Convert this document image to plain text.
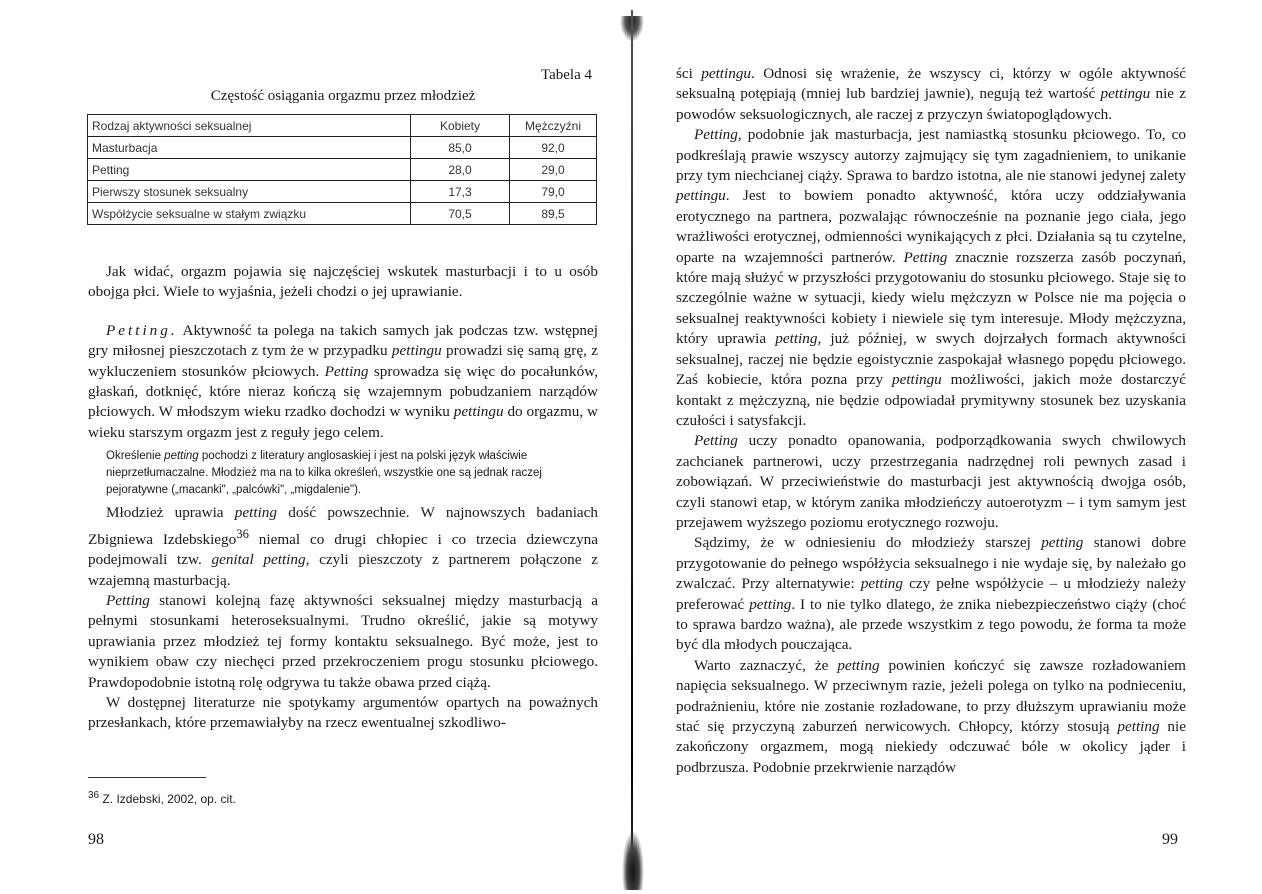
Tabela 4
Częstość osiągania orgazmu przez młodzież
Rodzaj aktywności seksualnej	Kobiety	Mężczyźni
Masturbacja	85,0	92,0
Petting	28,0	29,0
Pierwszy stosunek seksualny	17,3	79,0
Współżycie seksualne w stałym związku	70,5	89,5

Jak widać, orgazm pojawia się najczęściej wskutek masturbacji i to u osób obojga płci. Wiele to wyjaśnia, jeżeli chodzi o jej uprawianie.

Petting. Aktywność ta polega na takich samych jak podczas tzw. wstępnej gry miłosnej pieszczotach z tym że w przypadku pettingu prowadzi się samą grę, z wykluczeniem stosunków płciowych. Petting sprowadza się więc do pocałunków, głaskań, dotknięć, które nieraz kończą się wzajemnym pobudzaniem narządów płciowych. W młodszym wieku rzadko dochodzi w wyniku pettingu do orgazmu, w wieku starszym orgazm jest z reguły jego celem.

Określenie petting pochodzi z literatury anglosaskiej i jest na polski język właściwie nieprzetłumaczalne. Młodzież ma na to kilka określeń, wszystkie one są jednak raczej pejoratywne („macanki", „palcówki", „migdalenie").

Młodzież uprawia petting dość powszechnie. W najnowszych badaniach Zbigniewa Izdebskiego$^{36}$ niemal co drugi chłopiec i co trzecia dziewczyna podejmowali tzw. genital petting, czyli pieszczoty z partnerem połączone z wzajemną masturbacją.

Petting stanowi kolejną fazę aktywności seksualnej między masturbacją a pełnymi stosunkami heteroseksualnymi. Trudno określić, jakie są motywy uprawiania przez młodzież tej formy kontaktu seksualnego. Być może, jest to wynikiem obaw czy niechęci przed przekroczeniem progu stosunku płciowego. Prawdopodobnie istotną rolę odgrywa tu także obawa przed ciążą.

W dostępnej literaturze nie spotykamy argumentów opartych na poważnych przesłankach, które przemawiałyby na rzecz ewentualnej szkodliwo-

$^{36}$ Z. Izdebski, 2002, op. cit.
98

ści pettingu. Odnosi się wrażenie, że wszyscy ci, którzy w ogóle aktywność seksualną potępiają (mniej lub bardziej jawnie), negują też wartość pettingu nie z powodów seksuologicznych, ale raczej z przyczyn światopoglądowych.

Petting, podobnie jak masturbacja, jest namiastką stosunku płciowego. To, co podkreślają prawie wszyscy autorzy zajmujący się tym zagadnieniem, to unikanie przy tym niechcianej ciąży. Sprawa to bardzo istotna, ale nie stanowi jedynej zalety pettingu. Jest to bowiem ponadto aktywność, która uczy oddziaływania erotycznego na partnera, pozwalając równocześnie na poznanie jego ciała, jego wrażliwości erotycznej, odmienności wynikających z płci. Działania są tu czytelne, oparte na wzajemności partnerów. Petting znacznie rozszerza zasób poczynań, które mają służyć w przyszłości przygotowaniu do stosunku płciowego. Staje się to szczególnie ważne w sytuacji, kiedy wielu mężczyzn w Polsce nie ma pojęcia o seksualnej reaktywności kobiety i niewiele się tym interesuje. Młody mężczyzna, który uprawia petting, już później, w swych dojrzałych formach aktywności seksualnej, raczej nie będzie egoistycznie zaspokajał własnego popędu płciowego. Zaś kobiecie, która pozna przy pettingu możliwości, jakich może dostarczyć kontakt z mężczyzną, nie będzie odpowiadał prymitywny stosunek bez uzyskania czułości i satysfakcji.

Petting uczy ponadto opanowania, podporządkowania swych chwilowych zachcianek partnerowi, uczy przestrzegania nadrzędnej roli pewnych zasad i zobowiązań. W przeciwieństwie do masturbacji jest aktywnością dwojga osób, czyli stanowi etap, w którym zanika młodzieńczy autoerotyzm – i tym samym jest przejawem wyższego poziomu erotycznego rozwoju.

Sądzimy, że w odniesieniu do młodzieży starszej petting stanowi dobre przygotowanie do pełnego współżycia seksualnego i nie wydaje się, by należało go zwalczać. Przy alternatywie: petting czy pełne współżycie – u młodzieży należy preferować petting. I to nie tylko dlatego, że znika niebezpieczeństwo ciąży (choć to sprawa bardzo ważna), ale przede wszystkim z tego powodu, że forma ta może być dla młodych pouczająca.

Warto zaznaczyć, że petting powinien kończyć się zawsze rozładowaniem napięcia seksualnego. W przeciwnym razie, jeżeli polega on tylko na podnieceniu, podrażnieniu, które nie zostanie rozładowane, to przy dłuższym uprawianiu może stać się przyczyną zaburzeń nerwicowych. Chłopcy, którzy stosują petting nie zakończony orgazmem, mogą niekiedy odczuwać bóle w okolicy jąder i podbrzusza. Podobnie przekrwienie narządów

99
